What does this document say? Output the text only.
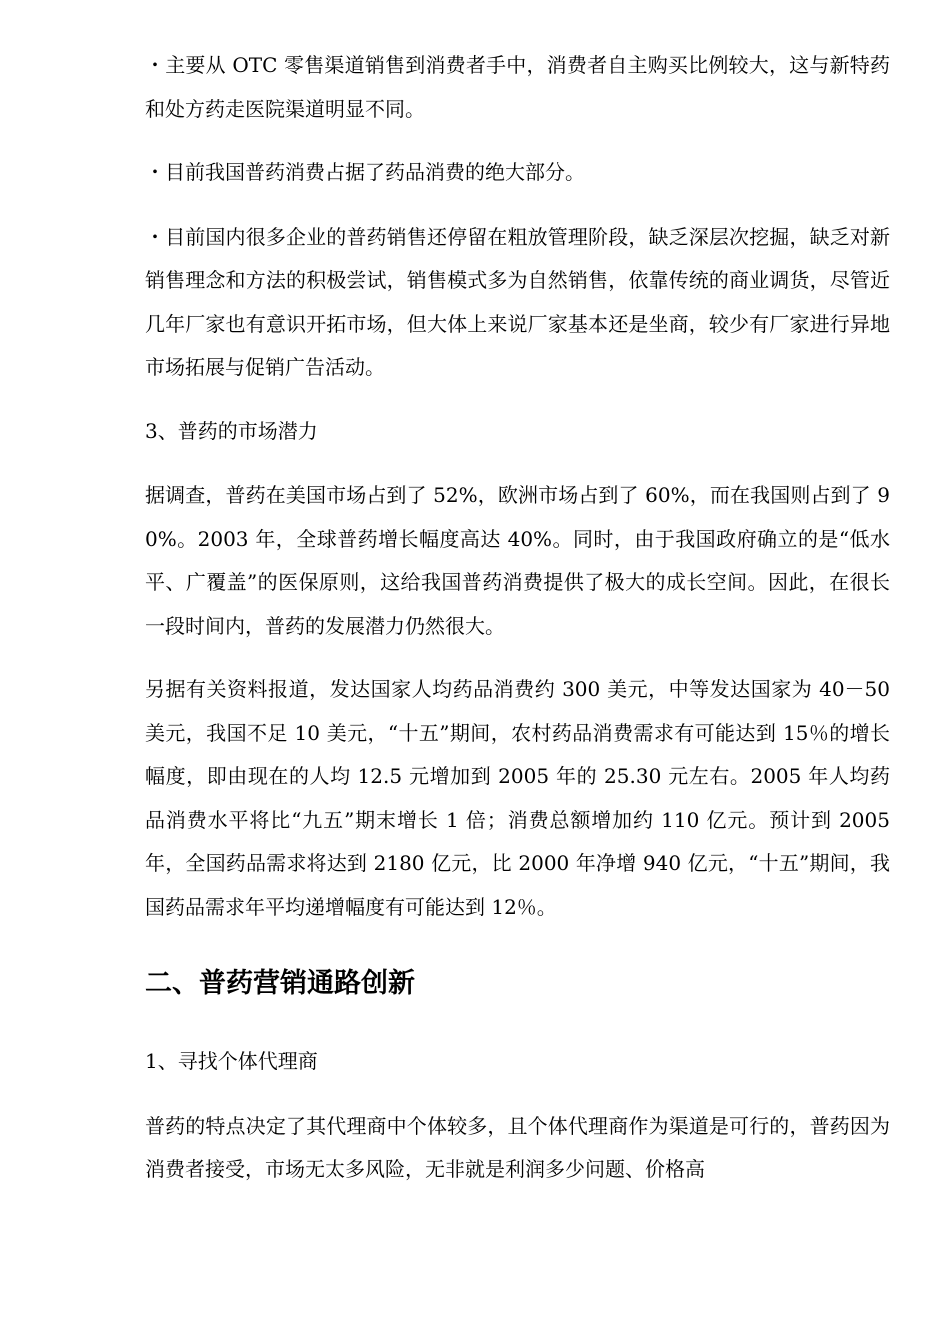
・主要从 OTC 零售渠道销售到消费者手中，消费者自主购买比例较大，这与新特药和处方药走医院渠道明显不同。

・目前我国普药消费占据了药品消费的绝大部分。

・目前国内很多企业的普药销售还停留在粗放管理阶段，缺乏深层次挖掘，缺乏对新销售理念和方法的积极尝试，销售模式多为自然销售，依靠传统的商业调货，尽管近几年厂家也有意识开拓市场，但大体上来说厂家基本还是坐商，较少有厂家进行异地市场拓展与促销广告活动。

3、普药的市场潜力

据调查，普药在美国市场占到了 52%，欧洲市场占到了 60%，而在我国则占到了 90%。2003 年，全球普药增长幅度高达 40%。同时，由于我国政府确立的是“低水平、广覆盖”的医保原则，这给我国普药消费提供了极大的成长空间。因此，在很长一段时间内，普药的发展潜力仍然很大。

另据有关资料报道，发达国家人均药品消费约 300 美元，中等发达国家为 40－50 美元，我国不足 10 美元，“十五”期间，农村药品消费需求有可能达到 15％的增长幅度，即由现在的人均 12.5 元增加到 2005 年的 25.30 元左右。2005 年人均药品消费水平将比“九五”期末增长 1 倍；消费总额增加约 110 亿元。预计到 2005 年，全国药品需求将达到 2180 亿元，比 2000 年净增 940 亿元，“十五”期间，我国药品需求年平均递增幅度有可能达到 12％。

二、普药营销通路创新

1、寻找个体代理商

普药的特点决定了其代理商中个体较多，且个体代理商作为渠道是可行的，普药因为消费者接受，市场无太多风险，无非就是利润多少问题、价格高
